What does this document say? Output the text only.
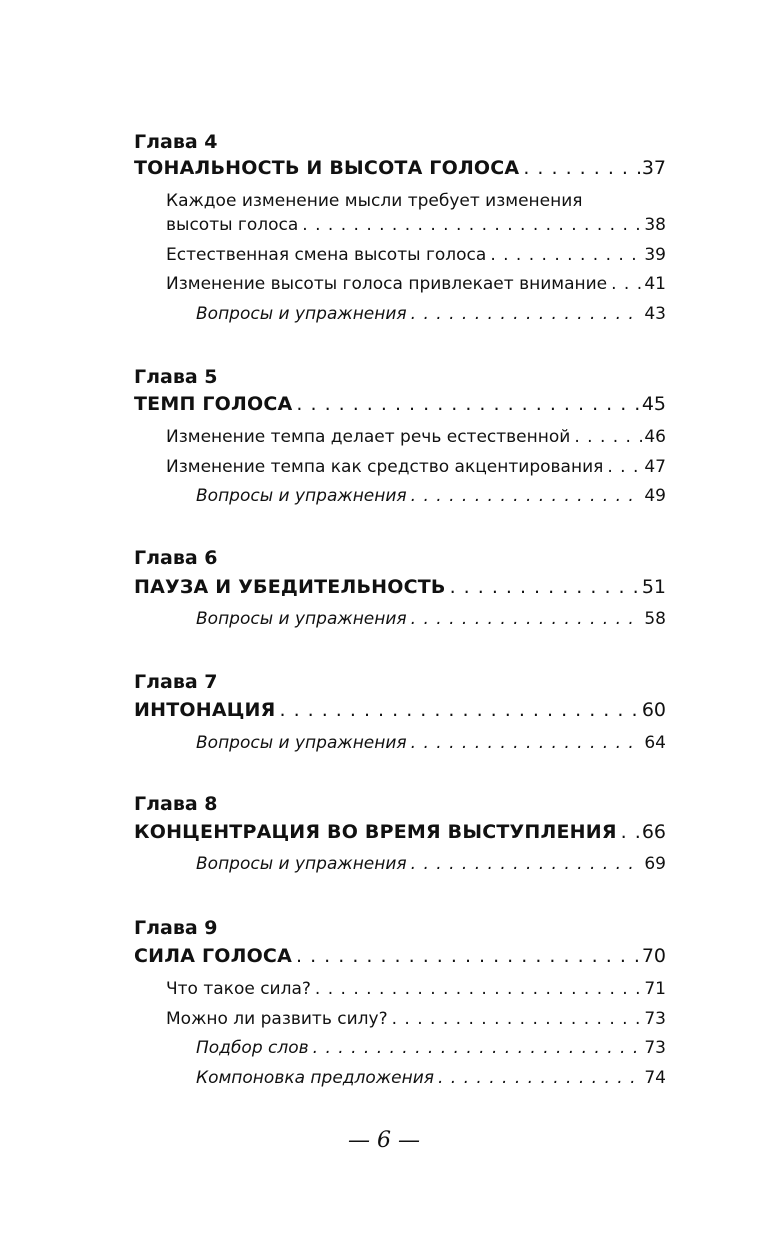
Глава 4
ТОНАЛЬНОСТЬ И ВЫСОТА ГОЛОСА . . .	37
Каждое изменение мысли требует изменения
высоты голоса . . .	38
Естественная смена высоты голоса . . .	39
Изменение высоты голоса привлекает внимание . . . 41
Вопросы и упражнения . . .	43
Глава 5
ТЕМП ГОЛОСА . . .	45
Изменение темпа делает речь естественной . . .	46
Изменение темпа как средство акцентирования . . . 47
Вопросы и упражнения . . .	49
Глава 6
ПАУЗА И УБЕДИТЕЛЬНОСТЬ . . .	51
Вопросы и упражнения . . .	58
Глава 7
ИНТОНАЦИЯ . . .	60
Вопросы и упражнения . . .	64
Глава 8
КОНЦЕНТРАЦИЯ ВО ВРЕМЯ ВЫСТУПЛЕНИЯ . . . 66
Вопросы и упражнения . . .	69
Глава 9
СИЛА ГОЛОСА . . .	70
Что такое сила? . . .	71
Можно ли развить силу? . . .	73
Подбор слов . . .	73
Компоновка предложения . . .	74
— 6 —
